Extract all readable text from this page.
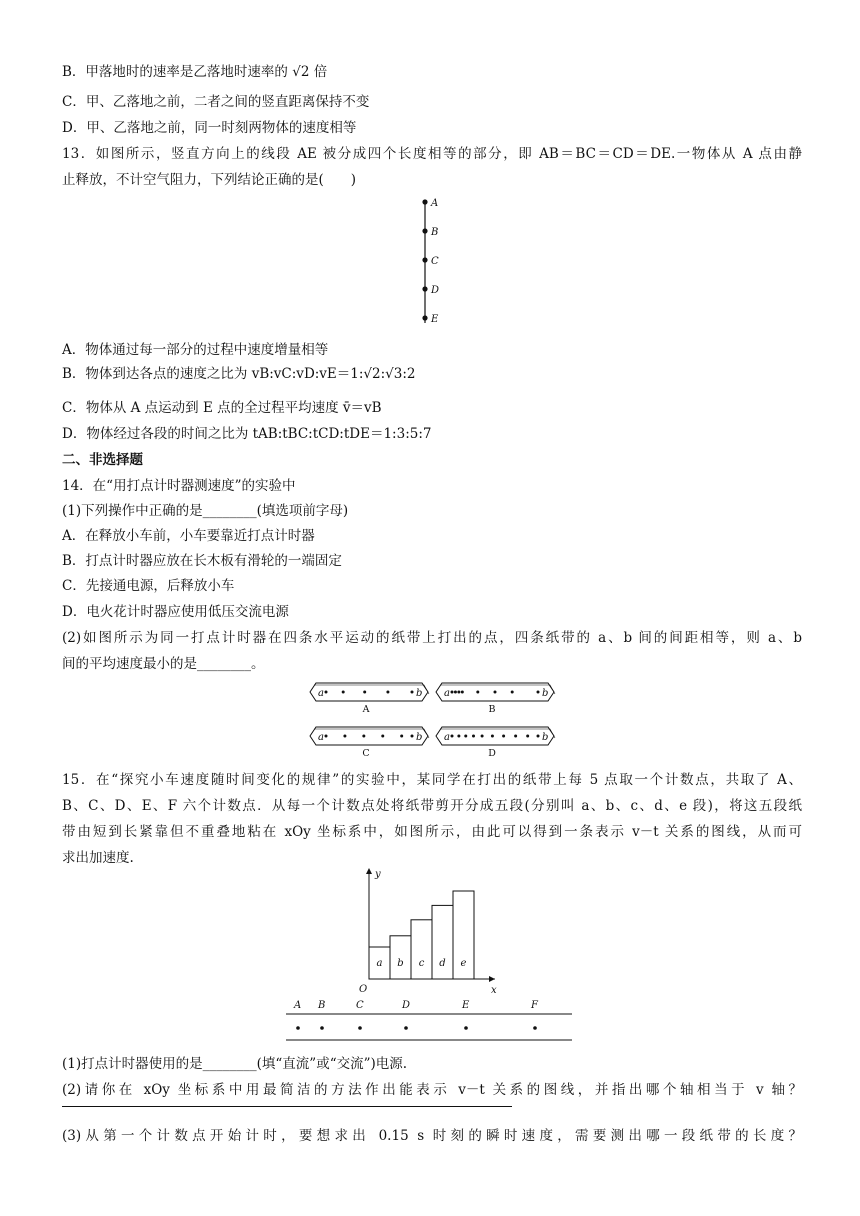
B．甲落地时的速率是乙落地时速率的 √2 倍
C．甲、乙落地之前，二者之间的竖直距离保持不变
D．甲、乙落地之前，同一时刻两物体的速度相等
13．如图所示，竖直方向上的线段 AE 被分成四个长度相等的部分，即 AB＝BC＝CD＝DE.一物体从 A 点由静
止释放，不计空气阻力，下列结论正确的是(　　)
A
B
C
D
E
A．物体通过每一部分的过程中速度增量相等
B．物体到达各点的速度之比为 vB:vC:vD:vE＝1:√2:√3:2
C．物体从 A 点运动到 E 点的全过程平均速度 v̄＝vB
D．物体经过各段的时间之比为 tAB:tBC:tCD:tDE＝1:3:5:7
二、非选择题
14．在“用打点计时器测速度”的实验中
(1)下列操作中正确的是________(填选项前字母)
A．在释放小车前，小车要靠近打点计时器
B．打点计时器应放在长木板有滑轮的一端固定
C．先接通电源，后释放小车
D．电火花计时器应使用低压交流电源
(2)如图所示为同一打点计时器在四条水平运动的纸带上打出的点，四条纸带的 a、b 间的间距相等，则 a、b
间的平均速度最小的是________。
a	b
A
a	b
B
a	b
C
a	b
D
15．在“探究小车速度随时间变化的规律”的实验中，某同学在打出的纸带上每 5 点取一个计数点，共取了 A、
B、C、D、E、F 六个计数点．从每一个计数点处将纸带剪开分成五段(分别叫 a、b、c、d、e 段)，将这五段纸
带由短到长紧靠但不重叠地粘在 xOy 坐标系中，如图所示，由此可以得到一条表示 v－t 关系的图线，从而可
求出加速度.
y
x
O
a b c d e
A B	C	D	E	F
(1)打点计时器使用的是________(填“直流”或“交流”)电源.
(2)请你在 xOy 坐标系中用最简洁的方法作出能表示 v－t 关系的图线，并指出哪个轴相当于 v 轴？
(3)从第一个计数点开始计时，要想求出 0.15 s 时刻的瞬时速度，需要测出哪一段纸带的长度？
